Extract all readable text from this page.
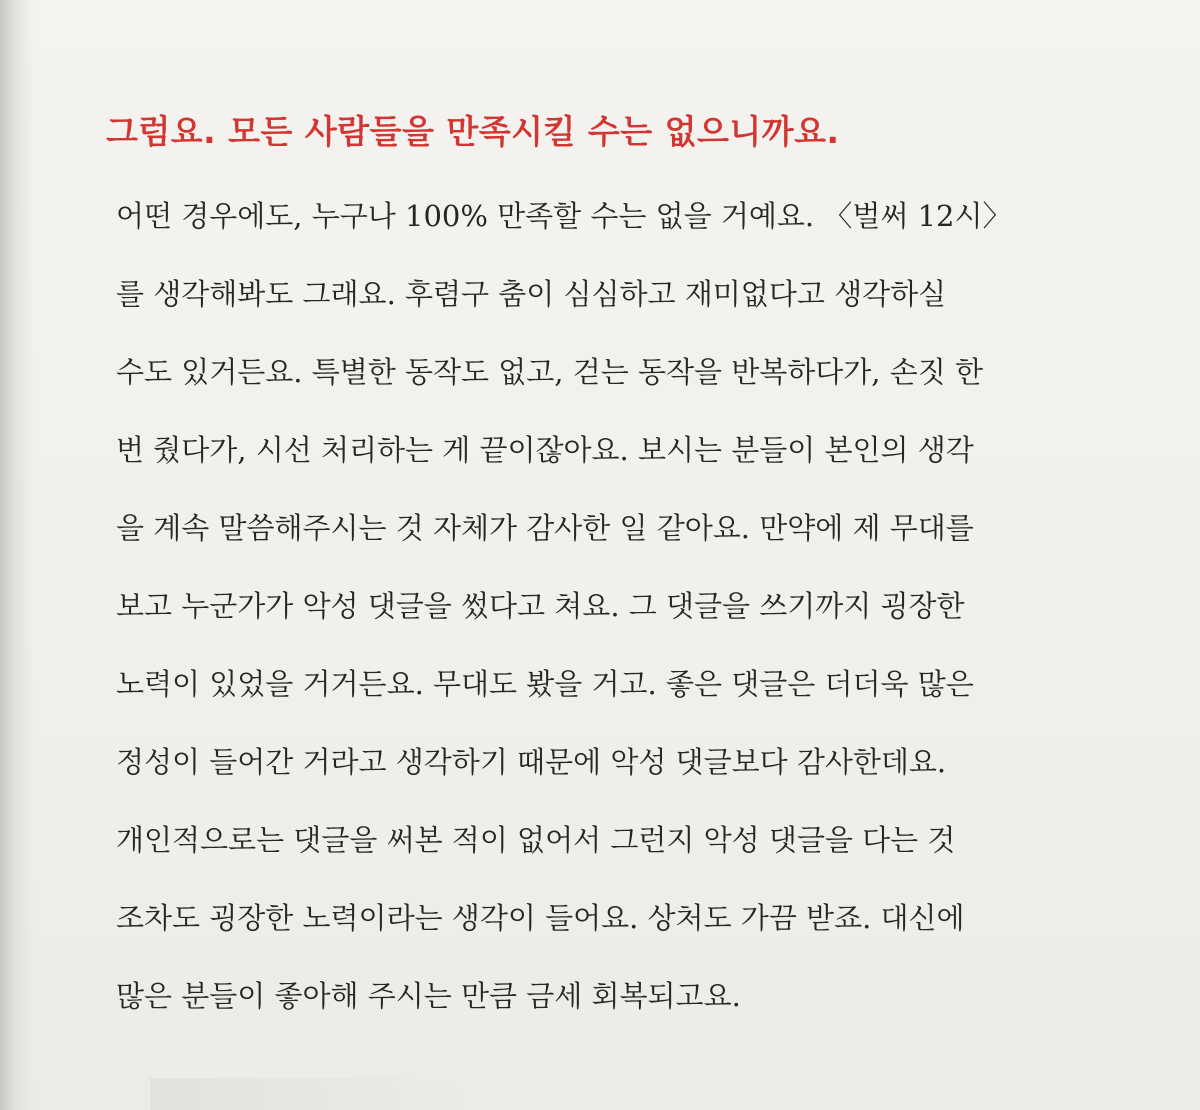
그럼요. 모든 사람들을 만족시킬 수는 없으니까요.
어떤 경우에도, 누구나 100% 만족할 수는 없을 거예요. 〈벌써 12시〉
를 생각해봐도 그래요. 후렴구 춤이 심심하고 재미없다고 생각하실
수도 있거든요. 특별한 동작도 없고, 걷는 동작을 반복하다가, 손짓 한
번 줬다가, 시선 처리하는 게 끝이잖아요. 보시는 분들이 본인의 생각
을 계속 말씀해주시는 것 자체가 감사한 일 같아요. 만약에 제 무대를
보고 누군가가 악성 댓글을 썼다고 쳐요. 그 댓글을 쓰기까지 굉장한
노력이 있었을 거거든요. 무대도 봤을 거고. 좋은 댓글은 더더욱 많은
정성이 들어간 거라고 생각하기 때문에 악성 댓글보다 감사한데요.
개인적으로는 댓글을 써본 적이 없어서 그런지 악성 댓글을 다는 것
조차도 굉장한 노력이라는 생각이 들어요. 상처도 가끔 받죠. 대신에
많은 분들이 좋아해 주시는 만큼 금세 회복되고요.
